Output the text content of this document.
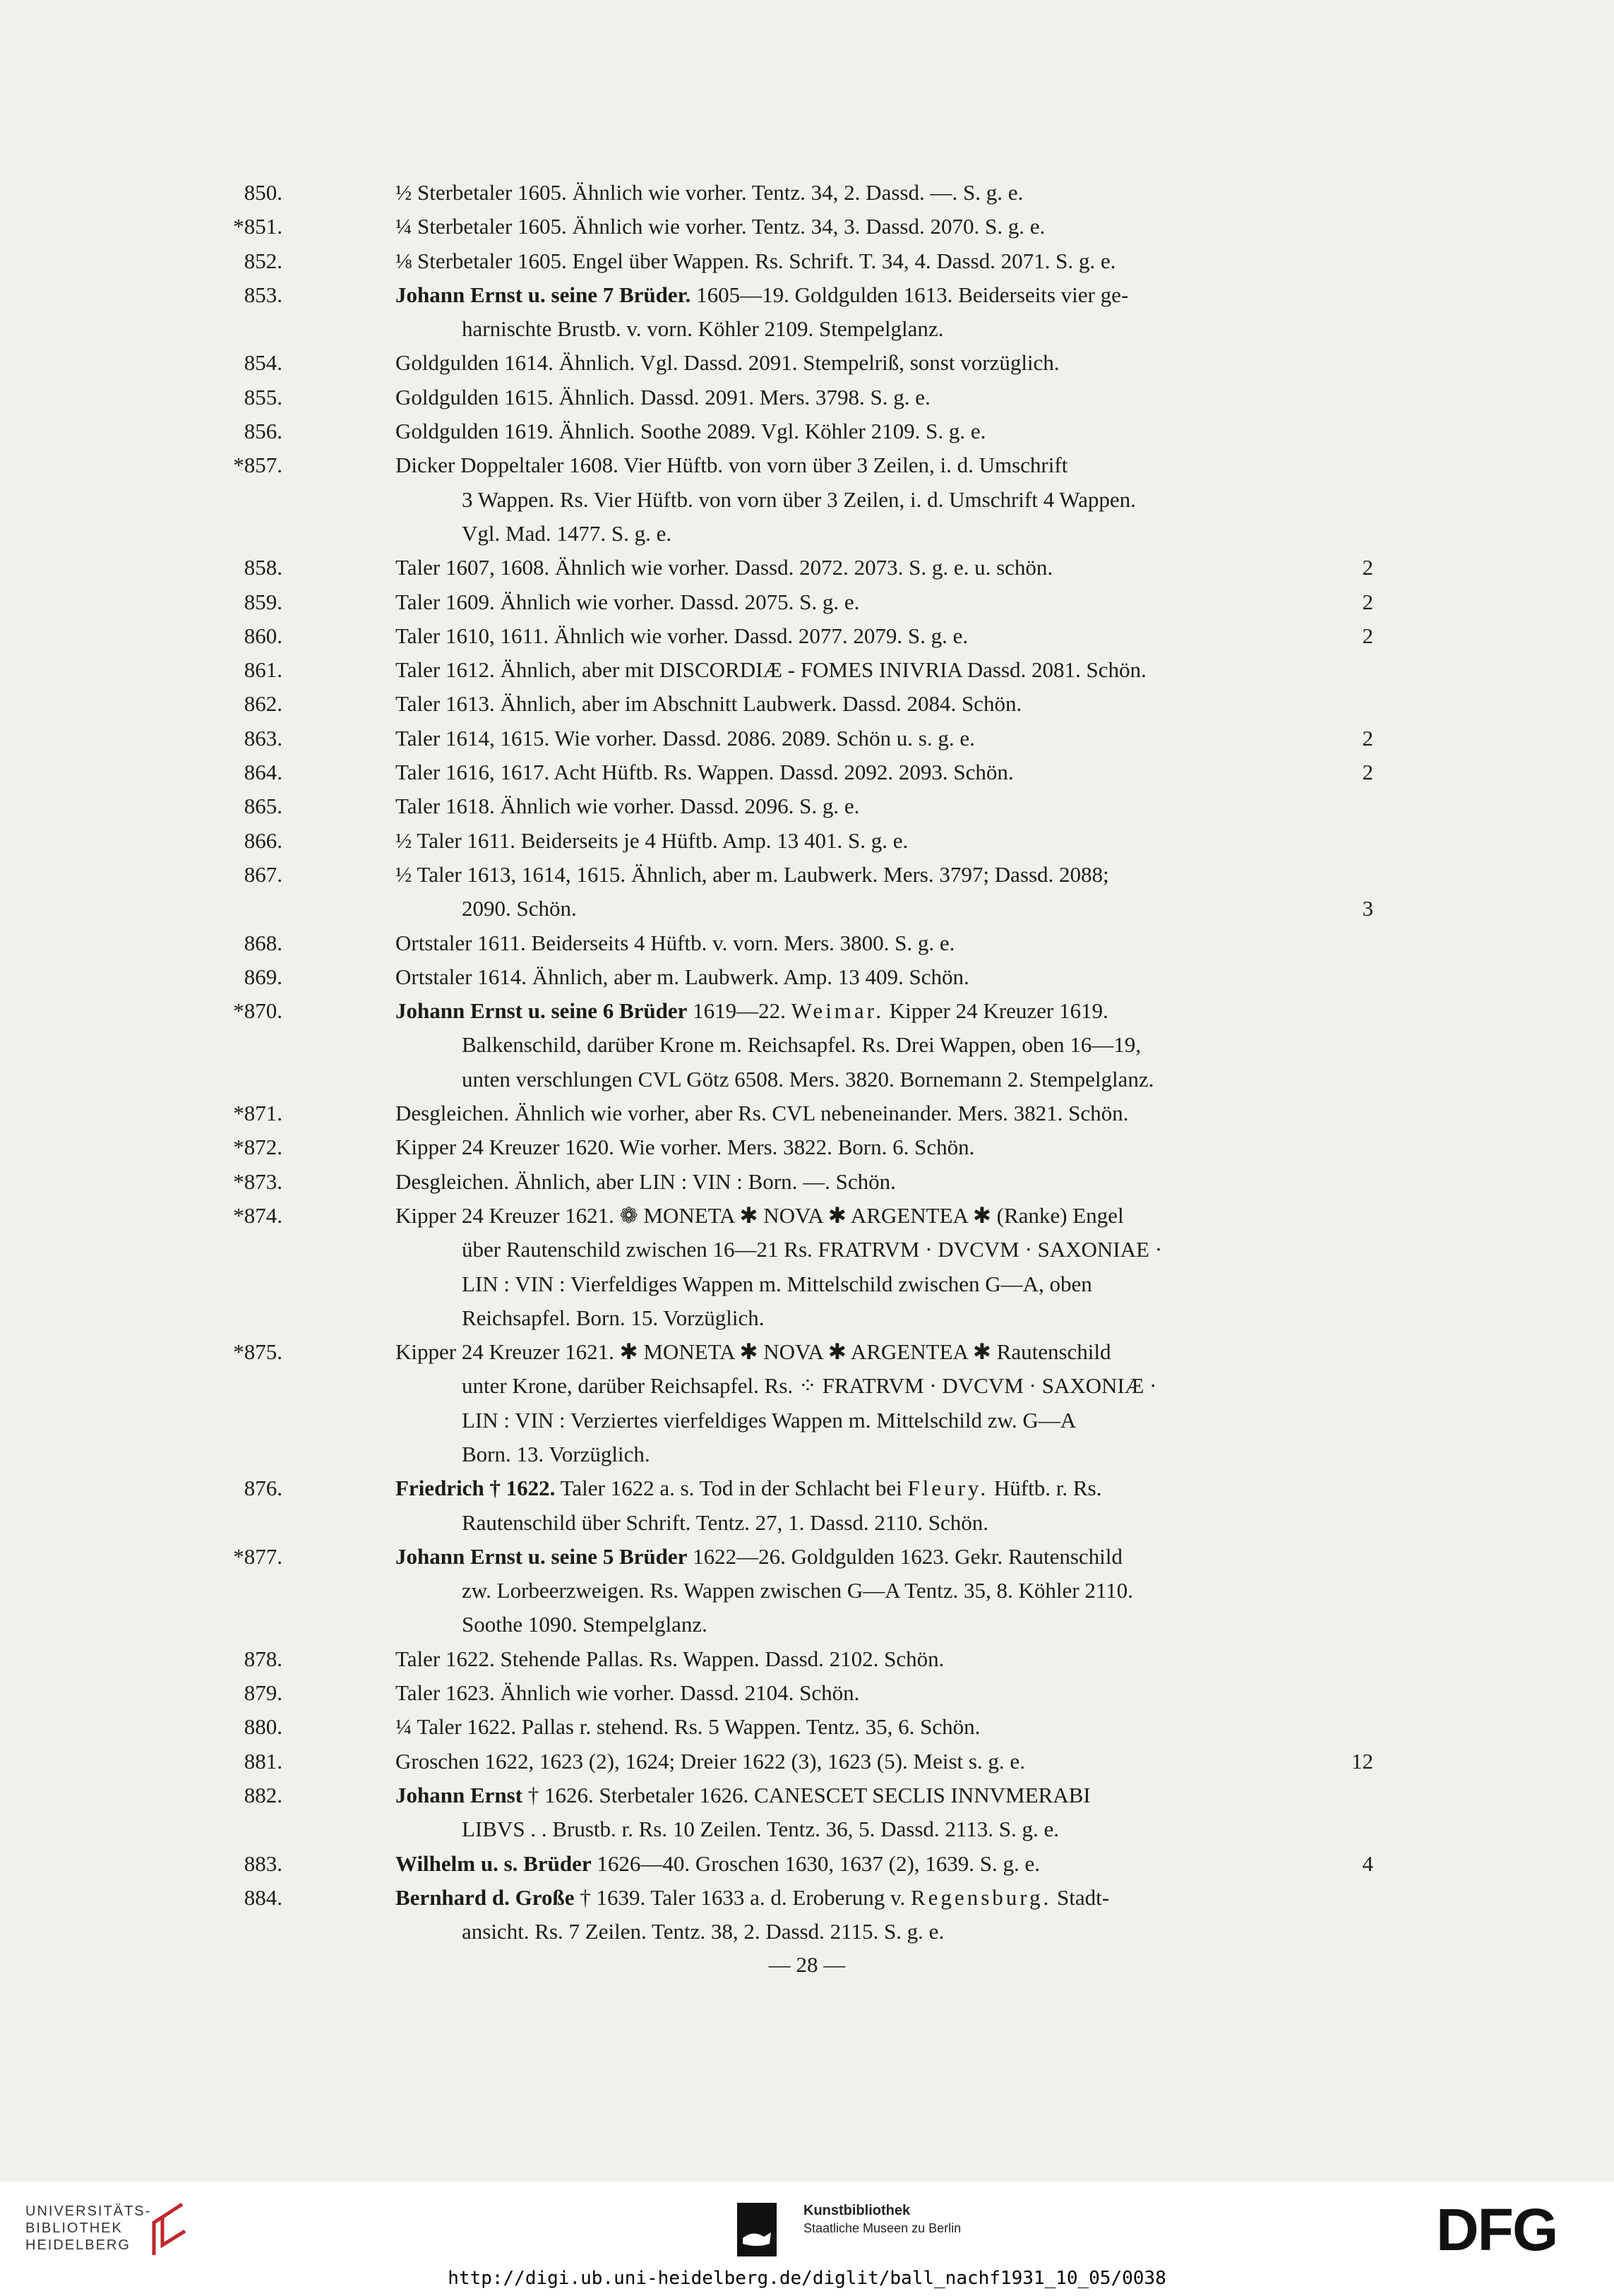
850.	½ Sterbetaler 1605. Ähnlich wie vorher. Tentz. 34, 2. Dassd. —. S. g. e.
*851.	¼ Sterbetaler 1605. Ähnlich wie vorher. Tentz. 34, 3. Dassd. 2070. S. g. e.
852.	⅛ Sterbetaler 1605. Engel über Wappen. Rs. Schrift. T. 34, 4. Dassd. 2071. S. g. e.
853.	Johann Ernst u. seine 7 Brüder. 1605—19. Goldgulden 1613. Beiderseits vier ge-
harnischte Brustb. v. vorn. Köhler 2109. Stempelglanz.
854.	Goldgulden 1614. Ähnlich. Vgl. Dassd. 2091. Stempelriß, sonst vorzüglich.
855.	Goldgulden 1615. Ähnlich. Dassd. 2091. Mers. 3798. S. g. e.
856.	Goldgulden 1619. Ähnlich. Soothe 2089. Vgl. Köhler 2109. S. g. e.
*857.	Dicker Doppeltaler 1608. Vier Hüftb. von vorn über 3 Zeilen, i. d. Umschrift
3 Wappen. Rs. Vier Hüftb. von vorn über 3 Zeilen, i. d. Umschrift 4 Wappen.
Vgl. Mad. 1477. S. g. e.
858.	Taler 1607, 1608. Ähnlich wie vorher. Dassd. 2072. 2073. S. g. e. u. schön.	2
859.	Taler 1609. Ähnlich wie vorher. Dassd. 2075. S. g. e.	2
860.	Taler 1610, 1611. Ähnlich wie vorher. Dassd. 2077. 2079. S. g. e.	2
861.	Taler 1612. Ähnlich, aber mit DISCORDIÆ - FOMES INIVRIA Dassd. 2081. Schön.
862.	Taler 1613. Ähnlich, aber im Abschnitt Laubwerk. Dassd. 2084. Schön.
863.	Taler 1614, 1615. Wie vorher. Dassd. 2086. 2089. Schön u. s. g. e.	2
864.	Taler 1616, 1617. Acht Hüftb. Rs. Wappen. Dassd. 2092. 2093. Schön.	2
865.	Taler 1618. Ähnlich wie vorher. Dassd. 2096. S. g. e.
866.	½ Taler 1611. Beiderseits je 4 Hüftb. Amp. 13 401. S. g. e.
867.	½ Taler 1613, 1614, 1615. Ähnlich, aber m. Laubwerk. Mers. 3797; Dassd. 2088;
2090. Schön.	3
868.	Ortstaler 1611. Beiderseits 4 Hüftb. v. vorn. Mers. 3800. S. g. e.
869.	Ortstaler 1614. Ähnlich, aber m. Laubwerk. Amp. 13 409. Schön.
*870.	Johann Ernst u. seine 6 Brüder 1619—22. Weimar. Kipper 24 Kreuzer 1619.
Balkenschild, darüber Krone m. Reichsapfel. Rs. Drei Wappen, oben 16—19,
unten verschlungen CVL Götz 6508. Mers. 3820. Bornemann 2. Stempelglanz.
*871.	Desgleichen. Ähnlich wie vorher, aber Rs. CVL nebeneinander. Mers. 3821. Schön.
*872.	Kipper 24 Kreuzer 1620. Wie vorher. Mers. 3822. Born. 6. Schön.
*873.	Desgleichen. Ähnlich, aber LIN : VIN : Born. —. Schön.
*874.	Kipper 24 Kreuzer 1621. ❁ MONETA ✱ NOVA ✱ ARGENTEA ✱ (Ranke) Engel
über Rautenschild zwischen 16—21 Rs. FRATRVM · DVCVM · SAXONIAE ·
LIN : VIN : Vierfeldiges Wappen m. Mittelschild zwischen G—A, oben
Reichsapfel. Born. 15. Vorzüglich.
*875.	Kipper 24 Kreuzer 1621. ✱ MONETA ✱ NOVA ✱ ARGENTEA ✱ Rautenschild
unter Krone, darüber Reichsapfel. Rs. ⁘ FRATRVM · DVCVM · SAXONIÆ ·
LIN : VIN : Verziertes vierfeldiges Wappen m. Mittelschild zw. G—A
Born. 13. Vorzüglich.
876.	Friedrich † 1622. Taler 1622 a. s. Tod in der Schlacht bei Fleury. Hüftb. r. Rs.
Rautenschild über Schrift. Tentz. 27, 1. Dassd. 2110. Schön.
*877.	Johann Ernst u. seine 5 Brüder 1622—26. Goldgulden 1623. Gekr. Rautenschild
zw. Lorbeerzweigen. Rs. Wappen zwischen G—A Tentz. 35, 8. Köhler 2110.
Soothe 1090. Stempelglanz.
878.	Taler 1622. Stehende Pallas. Rs. Wappen. Dassd. 2102. Schön.
879.	Taler 1623. Ähnlich wie vorher. Dassd. 2104. Schön.
880.	¼ Taler 1622. Pallas r. stehend. Rs. 5 Wappen. Tentz. 35, 6. Schön.
881.	Groschen 1622, 1623 (2), 1624; Dreier 1622 (3), 1623 (5). Meist s. g. e.	12
882.	Johann Ernst † 1626. Sterbetaler 1626. CANESCET SECLIS INNVMERABI
LIBVS . . Brustb. r. Rs. 10 Zeilen. Tentz. 36, 5. Dassd. 2113. S. g. e.
883.	Wilhelm u. s. Brüder 1626—40. Groschen 1630, 1637 (2), 1639. S. g. e.	4
884.	Bernhard d. Große † 1639. Taler 1633 a. d. Eroberung v. Regensburg. Stadt-
ansicht. Rs. 7 Zeilen. Tentz. 38, 2. Dassd. 2115. S. g. e.
— 28 —
UNIVERSITÄTS-
BIBLIOTHEK
HEIDELBERG
Kunstbibliothek
Staatliche Museen zu Berlin	DFG
http://digi.ub.uni-heidelberg.de/diglit/ball_nachf1931_10_05/0038
